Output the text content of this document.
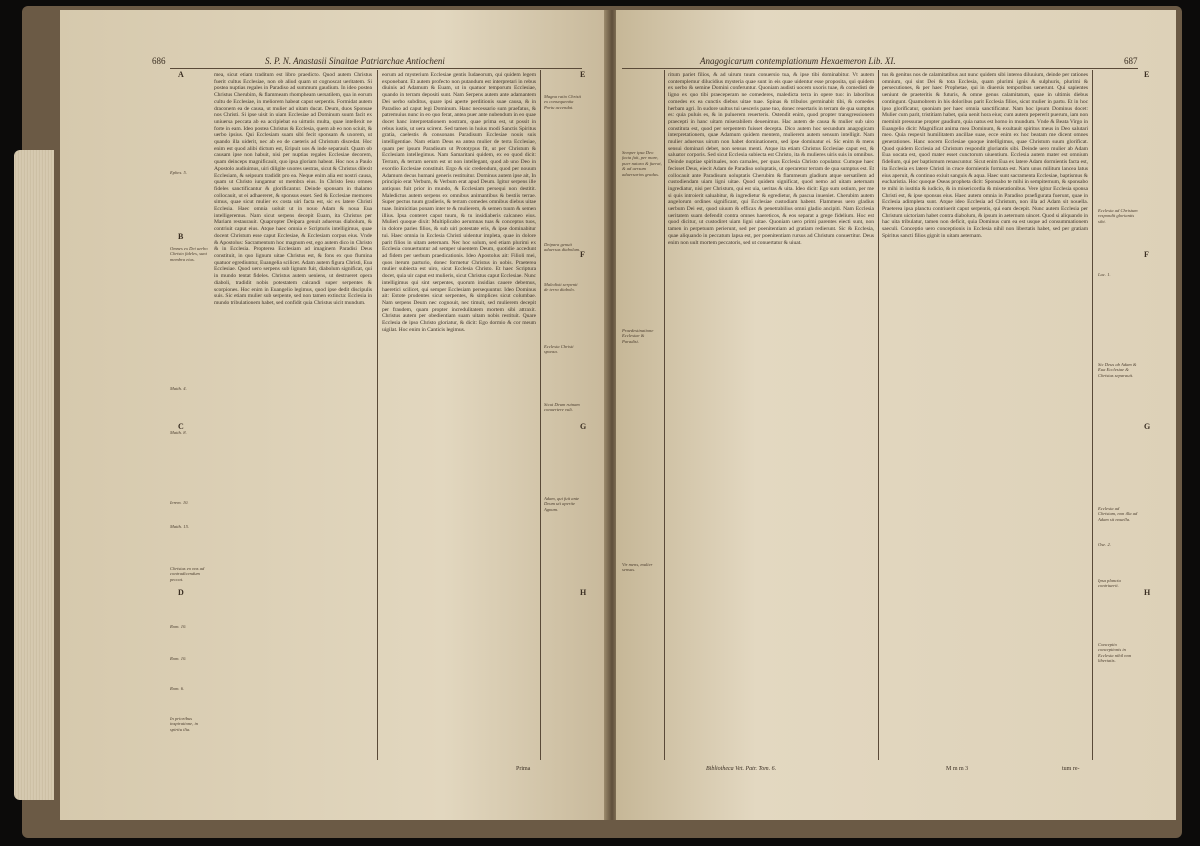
686	S. P. N. Anastasii Sinaitae Patriarchae Antiocheni
A
B
C
D
E
F
G
H
Ephes. 5.
Omnes ex Dei uerbo Christo fideles, sunt membra eius.
Matth. 4.
Matth. 8.
Ierem. 10.
Matth. 15.
Christus eo nos ad contradicendum peccat.
Rom. 10.
Rom. 10.
Rom. 6.
In prioribus inspiratione, in spiritu ilia.
Magna ratio Christi ex consequentia Portu accendat.
Deipara genuit aduersus diabolum.
Maledixit serpenti de terra diabolo.
Ecclesia Christi sponsa.
Sicut Deum ruinam conuertere vult.
Adam, qui fuit ante Deum uti aperite Agnum.

mea, sicut etiam traditum est libro praedicto. Quod autem Christus fuerit cultus Ecclesiae, non ob aliud quam ut cognoscat ueritatem. Si postea nuptias regales in Paradiso ad summum gaudium. In ideo postea Christus Cherubim, & flammeam rhompheam uersatilem, qua in eorum cultu de Ecclesiae, in meliorem habeat caput serpentis. Formidat autem draconem ea de causa, ut mulier ad uitam ducat. Deum, duos Sponsae nos Christi. Si ipse uisit in uiam Ecclesiae ad Dominum suum facit ex uniuersa peccata ab ea accipiebat ea uirtutis multa, quae intellexit ne forte in eam. Ideo postea Christus & Ecclesia, quem ab eo non sciuit, & uerbo ipsius. Qui Ecclesiam suam sibi fecit sponsam & uxorem, ut quando illa uiderit, nec ab eo de caeteris ad Christum discedat. Hoc enim est quod alibi dictum est, Eripuit uos & inde separauit. Quam ob causam ipse non habuit, nisi per nuptias regales Ecclesiae decorem, quam deinceps magnificauit, quo ipsa gloriam habeat. Hoc nos a Paulo Apostolo audiuimus, uiri diligite uxores uestras, sicut & Christus dilexit Ecclesiam, & seipsum tradidit pro ea. Neque enim alia est nostri causa, quam ut Christo iungamur ut membra eius. In Christo Iesu omnes fideles sanctificantur & glorificantur. Deinde sponsam in thalamo collocauit, ut ei adhaereret, & sponsus esset. Sed & Ecclesiae memores simus, quae sicut mulier ex costa uiri facta est, sic ex latere Christi Ecclesia. Haec omnia uoluit ut in nouo Adam & noua Eua intelligeremus. Nam sicut serpens decepit Euam, ita Christus per Mariam restaurauit. Quapropter Deipara genuit aduersus diabolum, & contriuit caput eius. Atque haec omnia e Scripturis intelligimus, quae docent Christum esse caput Ecclesiae, & Ecclesiam corpus eius. Vnde & Apostolus: Sacramentum hoc magnum est, ego autem dico in Christo & in Ecclesia. Propterea Ecclesiam ad imaginem Paradisi Deus constituit, in quo lignum uitae Christus est, & fons ex quo flumina quatuor egrediuntur, Euangelia scilicet. Adam autem figura Christi, Eua Ecclesiae. Quod uero serpens sub lignum fuit, diabolum significat, qui in mundo tentat fideles. Christus autem ueniens, ut destrueret opera diaboli, tradidit nobis potestatem calcandi super serpentes & scorpiones. Hoc enim in Euangelio legimus, quod ipse dedit discipulis suis. Sic etiam mulier sub serpente, sed non tamen extincta: Ecclesia in mundo tribulationem habet, sed confidit quia Christus uicit mundum.

eorum ad mysterium Ecclesiae gentis Iudaeorum, qui quidem legem exponebant. Et autem profecto non putandum est interpretari in rebus diuinis ad Adamum & Euam, ut in quatuor temporum Ecclesiae, quando in terram depositi sunt. Nam Serpens autem ante adamantem Dei uerbo subditus, quare ipsi aperte perditionis suae causa, & in Paradiso ad caput legi Dominum. Hanc necessario sum praefatus, & patremuius nunc in eo quo ferat, antea puer ante nubendum in eo quae docet hanc interpretationem nostram, quae prima est, ut possit in rebus iustis, ut uera scirent. Sed tamen in huius modi Sanctis Spiritus gratia, caelestis & consonans Paradisum Ecclesiae nouis suis intelligentiae. Nam etiam Deus ea antea mulier de terra Ecclesiae, quam per ipsum Paradisum ut Prototypus fit, ut per Christum & Ecclesiam intellegimus. Nam Samaritani quidem, ex eo quod dicit: Terram, & terram uerum est ut non intellegant, quod ab uno Deo in exordio Ecclesiae constituit. Ergo & sic credendum, quod per nouum Adamum decus humani generis restituitur. Dominus autem ipse ait, In principio erat Verbum, & Verbum erat apud Deum. Igitur serpens ille antiquus fuit prior in mundo, & Ecclesiam persequi non destitit. Maledictus autem serpens ex omnibus animantibus & bestiis terrae. Super pectus tuum gradieris, & terram comedes omnibus diebus uitae tuae. Inimicitias ponam inter te & mulierem, & semen tuum & semen illius. Ipsa conteret caput tuum, & tu insidiaberis calcaneo eius. Mulieri quoque dixit: Multiplicabo aerumnas tuas & conceptus tuos, in dolore paries filios, & sub uiri potestate eris, & ipse dominabitur tui. Haec omnia in Ecclesia Christi uidentur impleta, quae in dolore parit filios in uitam aeternam. Nec hoc solum, sed etiam plurimi ex Ecclesia conuertuntur ad semper uiuentem Deum, quotidie accedunt ad fidem per uerbum praedicationis. Ideo Apostolus ait: Filioli mei, quos iterum parturio, donec formetur Christus in uobis. Praeterea mulier subiecta est uiro, sicut Ecclesia Christo. Et haec Scriptura docet, quia uir caput est mulieris, sicut Christus caput Ecclesiae. Nunc intelligimus qui sint serpentes, quorum insidias cauere debemus, haeretici scilicet, qui semper Ecclesiam persequuntur. Ideo Dominus ait: Estote prudentes sicut serpentes, & simplices sicut columbae. Nam serpens Deum nec cognouit, nec timuit, sed mulierem decepit per fraudem, quam propter incredulitatem mortem sibi attraxit. Christus autem per obedientiam suam uitam nobis restituit. Quare Ecclesia de ipso Christo gloriatur, & dicit: Ego dormio & cor meum uigilat. Hoc enim in Canticis legimus.

Prima
Anagogicarum contemplationum Hexaemeron Lib. XI.	687
E
F
G
H
Ecclesia ad Christum respondit gloriantis sibi.
Luc. 1.
Sic Deus ab Adam & Eua Ecclesiae & Christus separauit.
Ecclesia ad Christum, non illa ad Adam sit nouella.
Ose. 2.
Ipsa planctu contriuerit.
Conceptio conceptionis in Ecclesia nihil non libertatis.
Semper ipsa Deo facta fuit, per mare, puer natura & fuerat, & ad uersum aduersarios gradus.
Praedestinatione Ecclesiae & Paradisi.
Vir mens, mulier sensus.

ritum pariet filios, & ad uirum tuum conuersio tua, & ipse tibi dominabitur. Vt autem contemplemur dilucidius mysteria quae sunt in eis quae uidentur esse proposita, qui quidem ex uerbo & semine Domini conferuntur. Quoniam audisti uocem uxoris tuae, & comedisti de ligno ex quo tibi praeceperam ne comederes, maledicta terra in opere tuo: in laboribus comedes ex ea cunctis diebus uitae tuae. Spinas & tribulos germinabit tibi, & comedes herbam agri. In sudore uultus tui uesceris pane tuo, donec reuertaris in terram de qua sumptus es: quia puluis es, & in puluerem reuerteris. Ostendit enim, quod propter transgressionem praecepti in hanc uitam miserabilem deuenimus. Hac autem de causa & mulier sub uiro constituta est, quod per serpentem fuisset decepta. Dico autem hoc secundum anagogicam interpretationem, quae Adamum quidem mentem, mulierem autem sensum intelligit. Nam mulier aduersus uirum non habet dominationem, sed ipse dominatur ei. Sic enim & mens sensui dominari debet, non sensus menti. Atque ita etiam Christus Ecclesiae caput est, & saluator corporis. Sed sicut Ecclesia subiecta est Christo, ita & mulieres uiris suis in omnibus. Deinde nuptiae spirituales, non carnales, per quas Ecclesia Christo copulatur. Cumque haec fecisset Deus, eiecit Adam de Paradiso uoluptatis, ut operaretur terram de qua sumptus est. Et collocauit ante Paradisum uoluptatis Cherubim & flammeum gladium atque uersatilem ad custodiendam uiam ligni uitae. Quod quidem significat, quod nemo ad uitam aeternam ingrediatur, nisi per Christum, qui est uia, ueritas & uita. Ideo dicit: Ego sum ostium, per me si quis introierit saluabitur, & ingredietur & egredietur, & pascua inueniet. Cherubim autem angelorum ordines significant, qui Ecclesiae custodiam habent. Flammeus uero gladius uerbum Dei est, quod uiuum & efficax & penetrabilius omni gladio ancipiti. Nam Ecclesia ueritatem suam defendit contra omnes haereticos, & eos separat a grege fidelium. Hoc est quod dicitur, ut custodiret uiam ligni uitae. Quoniam uero primi parentes eiecti sunt, non tamen in perpetuum perierunt, sed per poenitentiam ad gratiam redierunt. Sic & Ecclesia, quae aliquando in peccatum lapsa est, per poenitentiam rursus ad Christum conuertitur. Deus enim non uult mortem peccatoris, sed ut conuertatur & uiuat.

tus & genitus nos de calamitatibus aut nunc quidem sibi interea diluuium, deinde per rationes omnium, qui sint Dei & tota Ecclesia, quam plurimi ignis & sulphuris, plurimi & persecutiones, & per haec Prophetae, qui in diuersis temporibus uenerunt. Qui sapientes ueniunt de praeteritis & futuris, & omne genus calamitatum, quae in ultimis diebus contingunt. Quamobrem in his doloribus parit Ecclesia filios, sicut mulier in partu. Et in hoc ipso glorificatur, quoniam per haec omnia sanctificatur. Nam hoc ipsum Dominus docet: Mulier cum parit, tristitiam habet, quia uenit hora eius; cum autem pepererit puerum, iam non meminit pressurae propter gaudium, quia natus est homo in mundum. Vnde & Beata Virgo in Euangelio dicit: Magnificat anima mea Dominum, & exultauit spiritus meus in Deo salutari meo. Quia respexit humilitatem ancillae suae, ecce enim ex hoc beatam me dicent omnes generationes. Hanc uocem Ecclesiae quoque intelligimus, quae Christum suum glorificat. Quod quidem Ecclesia ad Christum respondit gloriantis sibi. Deinde uero mulier ab Adam Eua uocata est, quod mater esset cunctorum uiuentium. Ecclesia autem mater est omnium fidelium, qui per baptismum renascuntur. Sicut enim Eua ex latere Adam dormientis facta est, ita Ecclesia ex latere Christi in cruce dormientis formata est. Nam unus militum lancea latus eius aperuit, & continuo exiuit sanguis & aqua. Haec sunt sacramenta Ecclesiae, baptismus & eucharistia. Hoc quoque Oseas propheta dicit: Sponsabo te mihi in sempiternum, & sponsabo te mihi in iustitia & iudicio, & in misericordia & miserationibus. Vere igitur Ecclesia sponsa Christi est, & ipse sponsus eius. Haec autem omnia in Paradiso praefigurata fuerunt, quae in Ecclesia adimpleta sunt. Atque ideo Ecclesia ad Christum, non illa ad Adam sit nouella. Praeterea ipsa planctu contriuerit caput serpentis, qui eam decepit. Nunc autem Ecclesia per Christum uictoriam habet contra diabolum, & ipsum in aeternum uincet. Quod si aliquando in hac uita tribulatur, tamen non deficit, quia Dominus cum ea est usque ad consummationem saeculi. Conceptio uero conceptionis in Ecclesia nihil non libertatis habet, sed per gratiam Spiritus sancti filios gignit in uitam aeternam.

Bibliotheca Vet. Patr. Tom. 6.	M m m 3	tum re-
